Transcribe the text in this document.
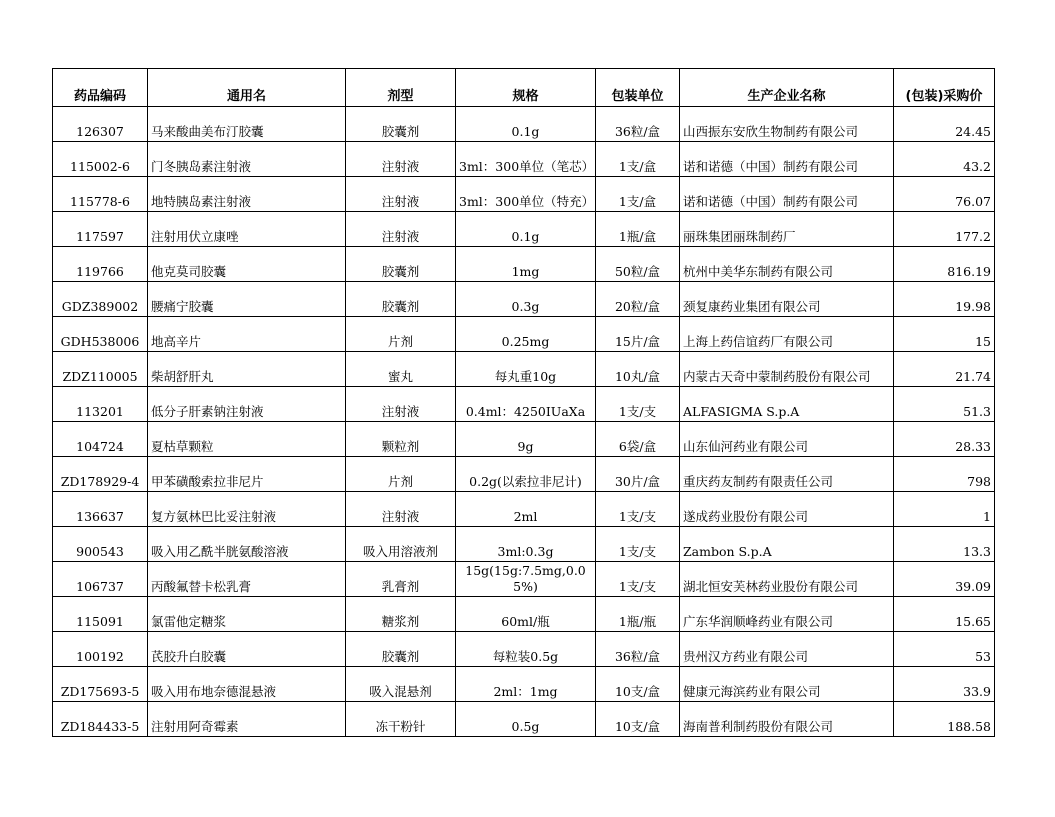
药品编码	通用名	剂型	规格	包装单位	生产企业名称	(包装)采购价
126307	马来酸曲美布汀胶囊	胶囊剂	0.1g	36粒/盒	山西振东安欣生物制药有限公司	24.45
115002-6	门冬胰岛素注射液	注射液	3ml：300单位（笔芯）	1支/盒	诺和诺德（中国）制药有限公司	43.2
115778-6	地特胰岛素注射液	注射液	3ml：300单位（特充）	1支/盒	诺和诺德（中国）制药有限公司	76.07
117597	注射用伏立康唑	注射液	0.1g	1瓶/盒	丽珠集团丽珠制药厂	177.2
119766	他克莫司胶囊	胶囊剂	1mg	50粒/盒	杭州中美华东制药有限公司	816.19
GDZ389002	腰痛宁胶囊	胶囊剂	0.3g	20粒/盒	颈复康药业集团有限公司	19.98
GDH538006	地高辛片	片剂	0.25mg	15片/盒	上海上药信谊药厂有限公司	15
ZDZ110005	柴胡舒肝丸	蜜丸	每丸重10g	10丸/盒	内蒙古天奇中蒙制药股份有限公司	21.74
113201	低分子肝素钠注射液	注射液	0.4ml：4250IUaXa	1支/支	ALFASIGMA S.p.A	51.3
104724	夏枯草颗粒	颗粒剂	9g	6袋/盒	山东仙河药业有限公司	28.33
ZD178929-4	甲苯磺酸索拉非尼片	片剂	0.2g(以索拉非尼计)	30片/盒	重庆药友制药有限责任公司	798
136637	复方氨林巴比妥注射液	注射液	2ml	1支/支	遂成药业股份有限公司	1
900543	吸入用乙酰半胱氨酸溶液	吸入用溶液剂	3ml:0.3g	1支/支	Zambon S.p.A	13.3
106737	丙酸氟替卡松乳膏	乳膏剂	15g(15g:7.5mg,0.05%)	1支/支	湖北恒安芙林药业股份有限公司	39.09
115091	氯雷他定糖浆	糖浆剂	60ml/瓶	1瓶/瓶	广东华润顺峰药业有限公司	15.65
100192	芪胶升白胶囊	胶囊剂	每粒装0.5g	36粒/盒	贵州汉方药业有限公司	53
ZD175693-5	吸入用布地奈德混悬液	吸入混悬剂	2ml：1mg	10支/盒	健康元海滨药业有限公司	33.9
ZD184433-5	注射用阿奇霉素	冻干粉针	0.5g	10支/盒	海南普利制药股份有限公司	188.58
